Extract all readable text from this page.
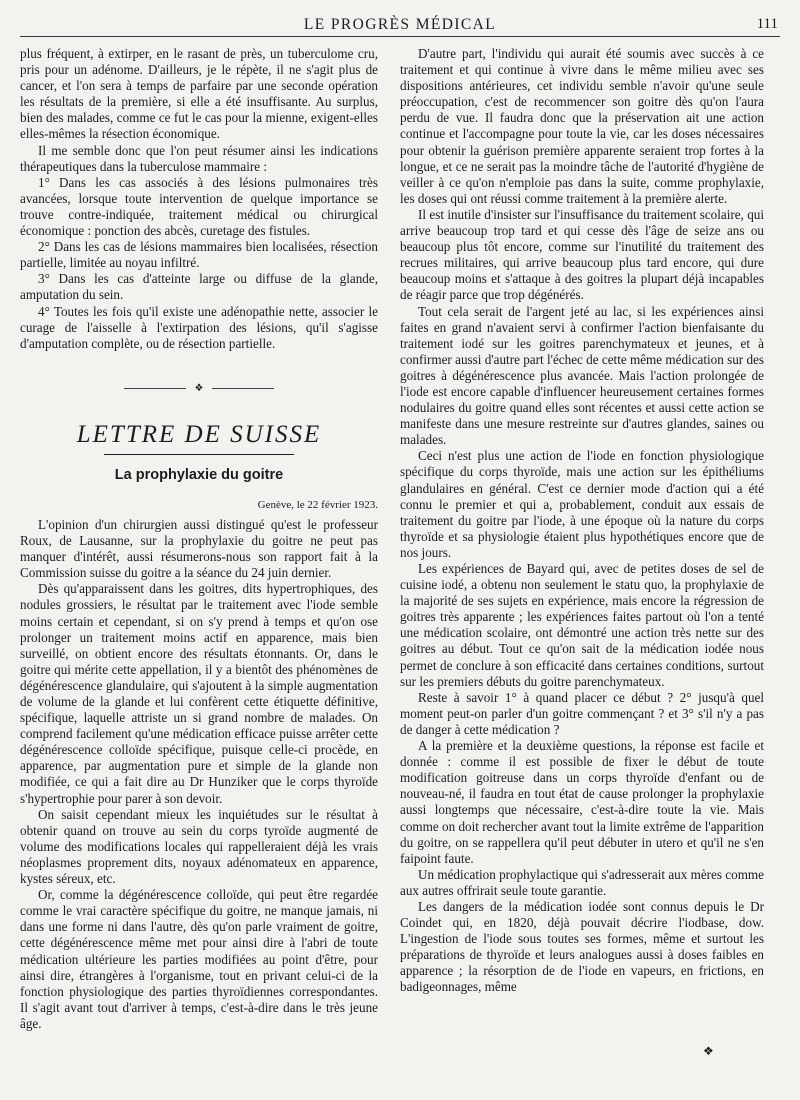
LE PROGRÈS MÉDICAL	111

plus fréquent, à extirper, en le rasant de près, un tuberculome cru, pris pour un adénome. D'ailleurs, je le répète, il ne s'agit plus de cancer, et l'on sera à temps de parfaire par une seconde opération les résultats de la première, si elle a été insuffisante. Au surplus, bien des malades, comme ce fut le cas pour la mienne, exigent-elles elles-mêmes la résection économique.

Il me semble donc que l'on peut résumer ainsi les indications thérapeutiques dans la tuberculose mammaire :

1° Dans les cas associés à des lésions pulmonaires très avancées, lorsque toute intervention de quelque importance se trouve contre-indiquée, traitement médical ou chirurgical économique : ponction des abcès, curetage des fistules.

2° Dans les cas de lésions mammaires bien localisées, résection partielle, limitée au noyau infiltré.

3° Dans les cas d'atteinte large ou diffuse de la glande, amputation du sein.

4° Toutes les fois qu'il existe une adénopathie nette, associer le curage de l'aisselle à l'extirpation des lésions, qu'il s'agisse d'amputation complète, ou de résection partielle.

❖
LETTRE DE SUISSE
La prophylaxie du goitre
Genève, le 22 février 1923.

L'opinion d'un chirurgien aussi distingué qu'est le professeur Roux, de Lausanne, sur la prophylaxie du goitre ne peut pas manquer d'intérêt, aussi résumerons-nous son rapport fait à la Commission suisse du goitre a la séance du 24 juin dernier.

Dès qu'apparaissent dans les goitres, dits hypertrophiques, des nodules grossiers, le résultat par le traitement avec l'iode semble moins certain et cependant, si on s'y prend à temps et qu'on ose prolonger un traitement moins actif en apparence, mais bien surveillé, on obtient encore des résultats étonnants. Or, dans le goitre qui mérite cette appellation, il y a bientôt des phénomènes de dégénérescence glandulaire, qui s'ajoutent à la simple augmentation de volume de la glande et lui confèrent cette étiquette définitive, spécifique, laquelle attriste un si grand nombre de malades. On comprend facilement qu'une médication efficace puisse arrêter cette dégénérescence colloïde spécifique, puisque celle-ci procède, en apparence, par augmentation pure et simple de la glande non modifiée, ce qui a fait dire au Dr Hunziker que le corps thyroïde s'hypertrophie pour parer à son devoir.

On saisit cependant mieux les inquiétudes sur le résultat à obtenir quand on trouve au sein du corps tyroïde augmenté de volume des modifications locales qui rappelleraient déjà les vrais néoplasmes proprement dits, noyaux adénomateux en apparence, kystes séreux, etc.

Or, comme la dégénérescence colloïde, qui peut être regardée comme le vrai caractère spécifique du goitre, ne manque jamais, ni dans une forme ni dans l'autre, dès qu'on parle vraiment de goitre, cette dégénérescence même met pour ainsi dire à l'abri de toute médication ultérieure les parties modifiées au point d'être, pour ainsi dire, étrangères à l'organisme, tout en privant celui-ci de la fonction physiologique des parties thyroïdiennes correspondantes. Il s'agit avant tout d'arriver à temps, c'est-à-dire dans le très jeune âge.

D'autre part, l'individu qui aurait été soumis avec succès à ce traitement et qui continue à vivre dans le même milieu avec ses dispositions antérieures, cet individu semble n'avoir qu'une seule préoccupation, c'est de recommencer son goitre dès qu'on l'aura perdu de vue. Il faudra donc que la préservation ait une action continue et l'accompagne pour toute la vie, car les doses nécessaires pour obtenir la guérison première apparente seraient trop fortes à la longue, et ce ne serait pas la moindre tâche de l'autorité d'hygiène de veiller à ce qu'on n'emploie pas dans la suite, comme prophylaxie, les doses qui ont réussi comme traitement à la première alerte.

Il est inutile d'insister sur l'insuffisance du traitement scolaire, qui arrive beaucoup trop tard et qui cesse dès l'âge de seize ans ou beaucoup plus tôt encore, comme sur l'inutilité du traitement des recrues militaires, qui arrive beaucoup plus tard encore, qui dure beaucoup moins et s'attaque à des goitres la plupart déjà incapables de réagir parce que trop dégénérés.

Tout cela serait de l'argent jeté au lac, si les expériences ainsi faites en grand n'avaient servi à confirmer l'action bienfaisante du traitement iodé sur les goitres parenchymateux et jeunes, et à confirmer aussi d'autre part l'échec de cette même médication sur des goitres à dégénérescence plus avancée. Mais l'action prolongée de l'iode est encore capable d'influencer heureusement certaines formes nodulaires du goitre quand elles sont récentes et aussi cette action se manifeste dans une mesure restreinte sur d'autres glandes, saines ou malades.

Ceci n'est plus une action de l'iode en fonction physiologique spécifique du corps thyroïde, mais une action sur les épithéliums glandulaires en général. C'est ce dernier mode d'action qui a été connu le premier et qui a, probablement, conduit aux essais de traitement du goitre par l'iode, à une époque où la nature du corps thyroïde et sa physiologie étaient plus hypothétiques encore que de nos jours.

Les expériences de Bayard qui, avec de petites doses de sel de cuisine iodé, a obtenu non seulement le statu quo, la prophylaxie de la majorité de ses sujets en expérience, mais encore la régression de goitres très apparente ; les expériences faites partout où l'on a tenté une médication scolaire, ont démontré une action très nette sur des goitres au début. Tout ce qu'on sait de la médication iodée nous permet de conclure à son efficacité dans certaines conditions, surtout sur les premiers débuts du goitre parenchymateux.

Reste à savoir 1° à quand placer ce début ? 2° jusqu'à quel moment peut-on parler d'un goitre commençant ? et 3° s'il n'y a pas de danger à cette médication ?

A la première et la deuxième questions, la réponse est facile et donnée : comme il est possible de fixer le début de toute modification goitreuse dans un corps thyroïde d'enfant ou de nouveau-né, il faudra en tout état de cause prolonger la prophylaxie aussi longtemps que nécessaire, c'est-à-dire toute la vie. Mais comme on doit rechercher avant tout la limite extrême de l'apparition du goitre, on se rappellera qu'il peut débuter in utero et qu'il ne s'en faipoint faute.

Un médication prophylactique qui s'adresserait aux mères comme aux autres offrirait seule toute garantie.

Les dangers de la médication iodée sont connus depuis le Dr Coindet qui, en 1820, déjà pouvait décrire l'iodbase, dow. L'ingestion de l'iode sous toutes ses formes, même et surtout les préparations de thyroïde et leurs analogues aussi à doses faibles en apparence ; la résorption de de l'iode en vapeurs, en frictions, en badigeonnages, même

❖
